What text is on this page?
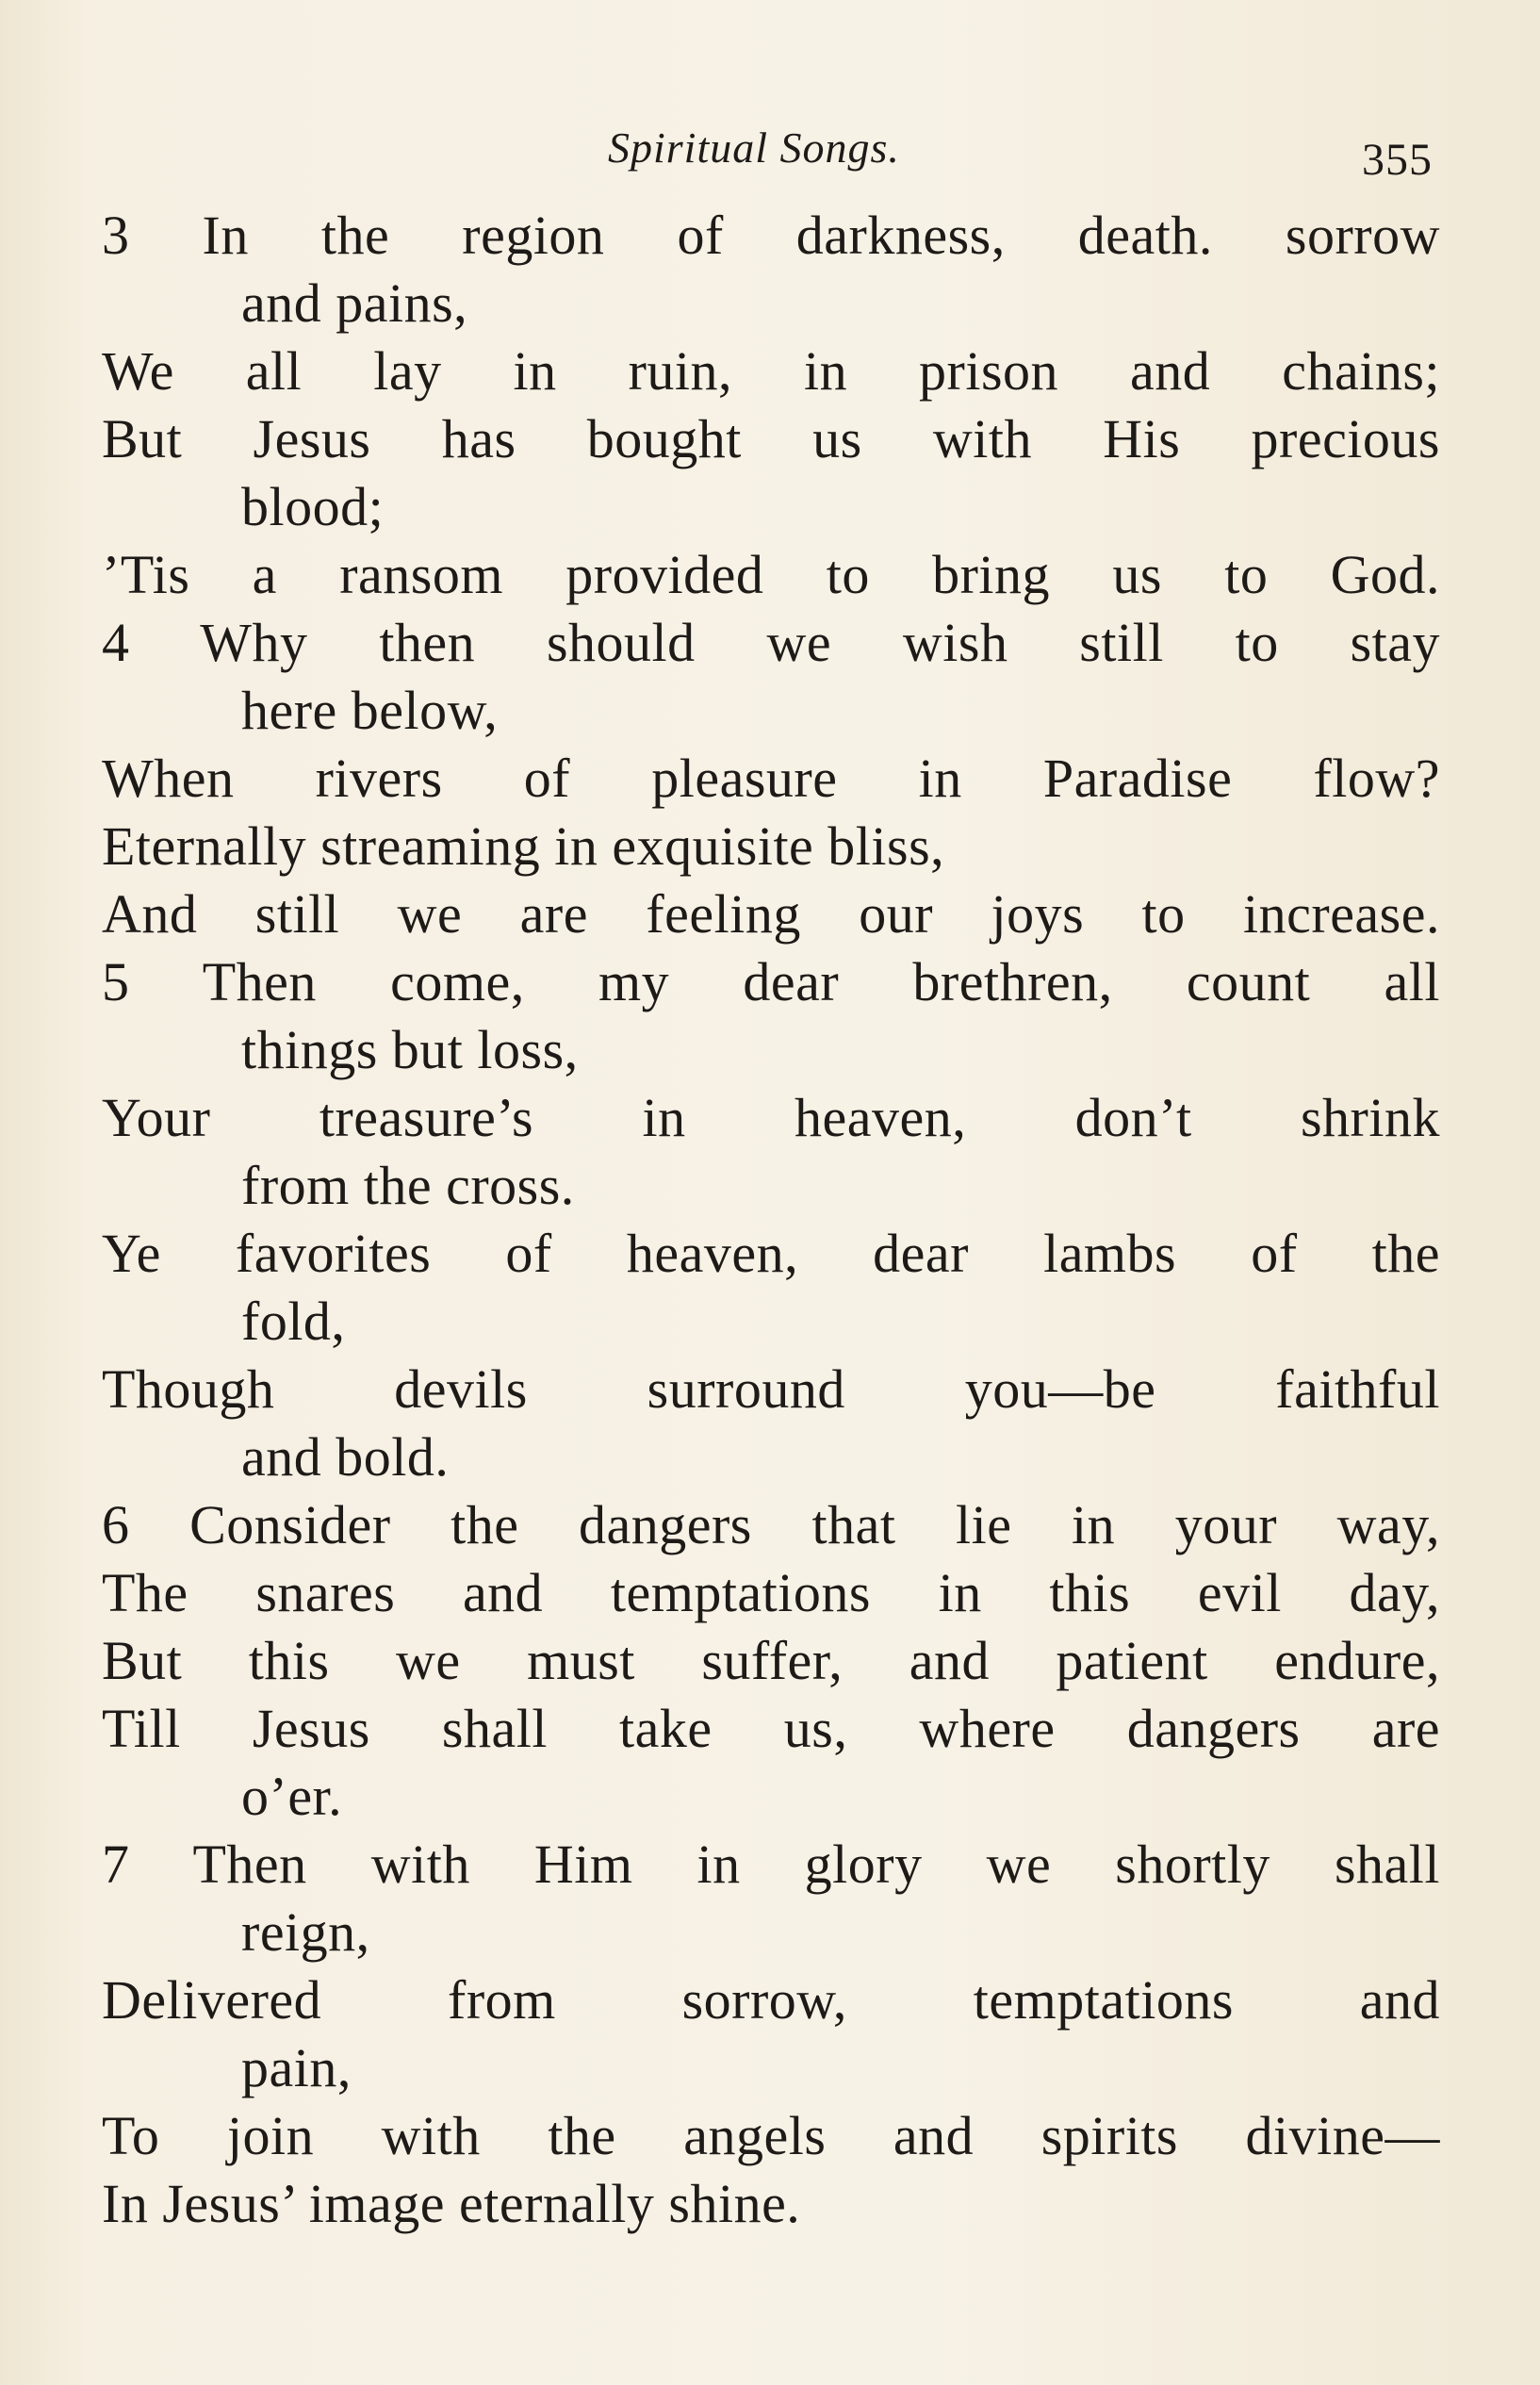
Spiritual Songs.	355
3 In the region of darkness, death. sorrow
and pains,
We all lay in ruin, in prison and chains;
But Jesus has bought us with His precious
blood;
’Tis a ransom provided to bring us to God.
4 Why then should we wish still to stay
here below,
When rivers of pleasure in Paradise flow?
Eternally streaming in exquisite bliss,
And still we are feeling our joys to increase.
5 Then come, my dear brethren, count all
things but loss,
Your treasure’s in heaven, don’t shrink
from the cross.
Ye favorites of heaven, dear lambs of the
fold,
Though devils surround you—be faithful
and bold.
6 Consider the dangers that lie in your way,
The snares and temptations in this evil day,
But this we must suffer, and patient endure,
Till Jesus shall take us, where dangers are
o’er.
7 Then with Him in glory we shortly shall
reign,
Delivered from sorrow, temptations and
pain,
To join with the angels and spirits divine—
In Jesus’ image eternally shine.
